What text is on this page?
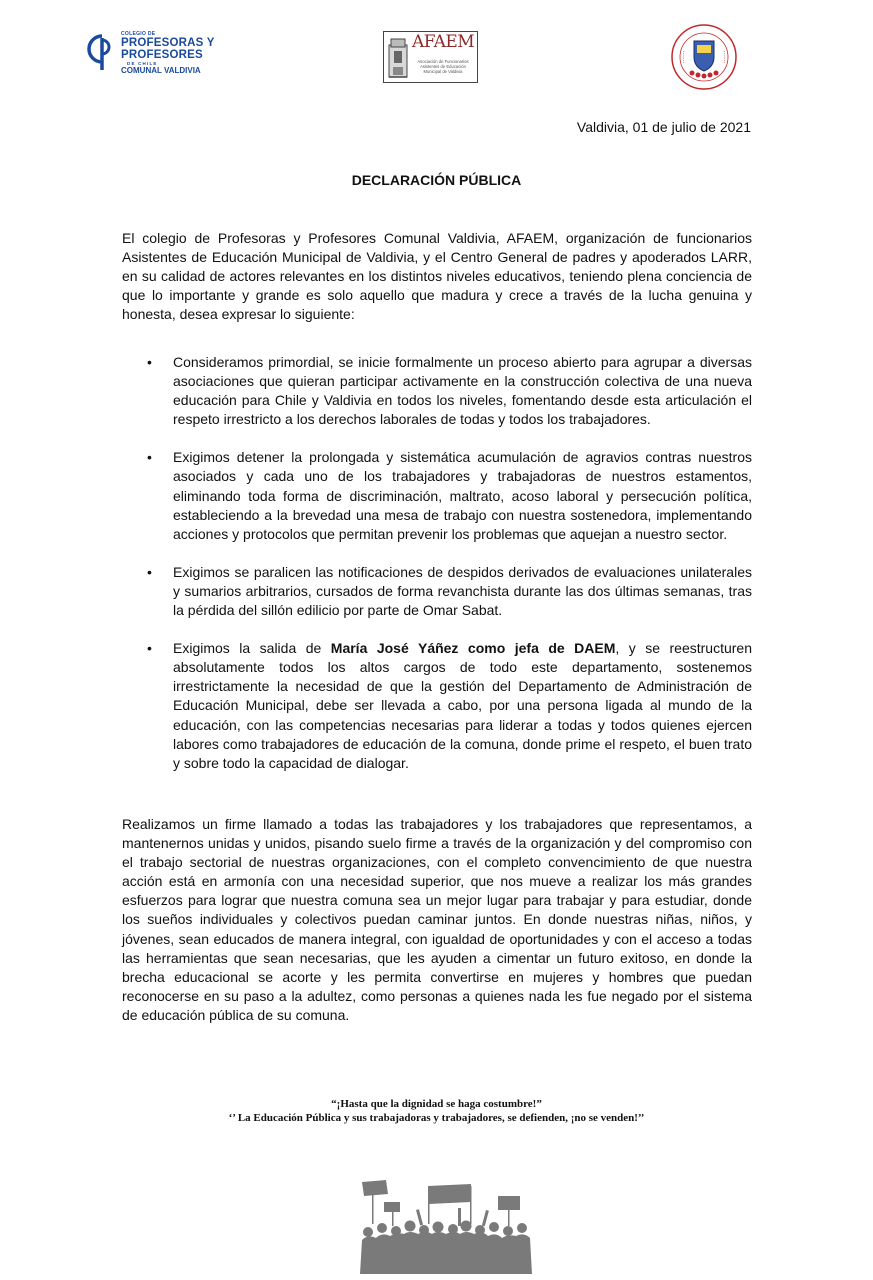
COLEGIO DE
PROFESORAS Y
PROFESORES
DE CHILE
COMUNAL VALDIVIA
AFAEM
Asociación de Funcionarios Asistentes de Educación Municipal de Valdivia
Valdivia, 01 de julio de 2021
DECLARACIÓN PÚBLICA

El colegio de Profesoras y Profesores Comunal Valdivia, AFAEM, organización de funcionarios Asistentes de Educación Municipal de Valdivia, y el Centro General de padres y apoderados LARR, en su calidad de actores relevantes en los distintos niveles educativos, teniendo plena conciencia de que lo importante y grande es solo aquello que madura y crece a través de la lucha genuina y honesta, desea expresar lo siguiente:

• Consideramos primordial, se inicie formalmente un proceso abierto para agrupar a diversas asociaciones que quieran participar activamente en la construcción colectiva de una nueva educación para Chile y Valdivia en todos los niveles, fomentando desde esta articulación el respeto irrestricto a los derechos laborales de todas y todos los trabajadores.
• Exigimos detener la prolongada y sistemática acumulación de agravios contras nuestros asociados y cada uno de los trabajadores y trabajadoras de nuestros estamentos, eliminando toda forma de discriminación, maltrato, acoso laboral y persecución política, estableciendo a la brevedad una mesa de trabajo con nuestra sostenedora, implementando acciones y protocolos que permitan prevenir los problemas que aquejan a nuestro sector.
• Exigimos se paralicen las notificaciones de despidos derivados de evaluaciones unilaterales y sumarios arbitrarios, cursados de forma revanchista durante las dos últimas semanas, tras la pérdida del sillón edilicio por parte de Omar Sabat.
• Exigimos la salida de María José Yáñez como jefa de DAEM, y se reestructuren absolutamente todos los altos cargos de todo este departamento, sostenemos irrestrictamente la necesidad de que la gestión del Departamento de Administración de Educación Municipal, debe ser llevada a cabo, por una persona ligada al mundo de la educación, con las competencias necesarias para liderar a todas y todos quienes ejercen labores como trabajadores de educación de la comuna, donde prime el respeto, el buen trato y sobre todo la capacidad de dialogar.

Realizamos un firme llamado a todas las trabajadores y los trabajadores que representamos, a mantenernos unidas y unidos, pisando suelo firme a través de la organización y del compromiso con el trabajo sectorial de nuestras organizaciones, con el completo convencimiento de que nuestra acción está en armonía con una necesidad superior, que nos mueve a realizar los más grandes esfuerzos para lograr que nuestra comuna sea un mejor lugar para trabajar y para estudiar, donde los sueños individuales y colectivos puedan caminar juntos. En donde nuestras niñas, niños, y jóvenes, sean educados de manera integral, con igualdad de oportunidades y con el acceso a todas las herramientas que sean necesarias, que les ayuden a cimentar un futuro exitoso, en donde la brecha educacional se acorte y les permita convertirse en mujeres y hombres que puedan reconocerse en su paso a la adultez, como personas a quienes nada les fue negado por el sistema de educación pública de su comuna.

“¡Hasta que la dignidad se haga costumbre!”
‘’ La Educación Pública y sus trabajadoras y trabajadores, se defienden, ¡no se venden!’’
